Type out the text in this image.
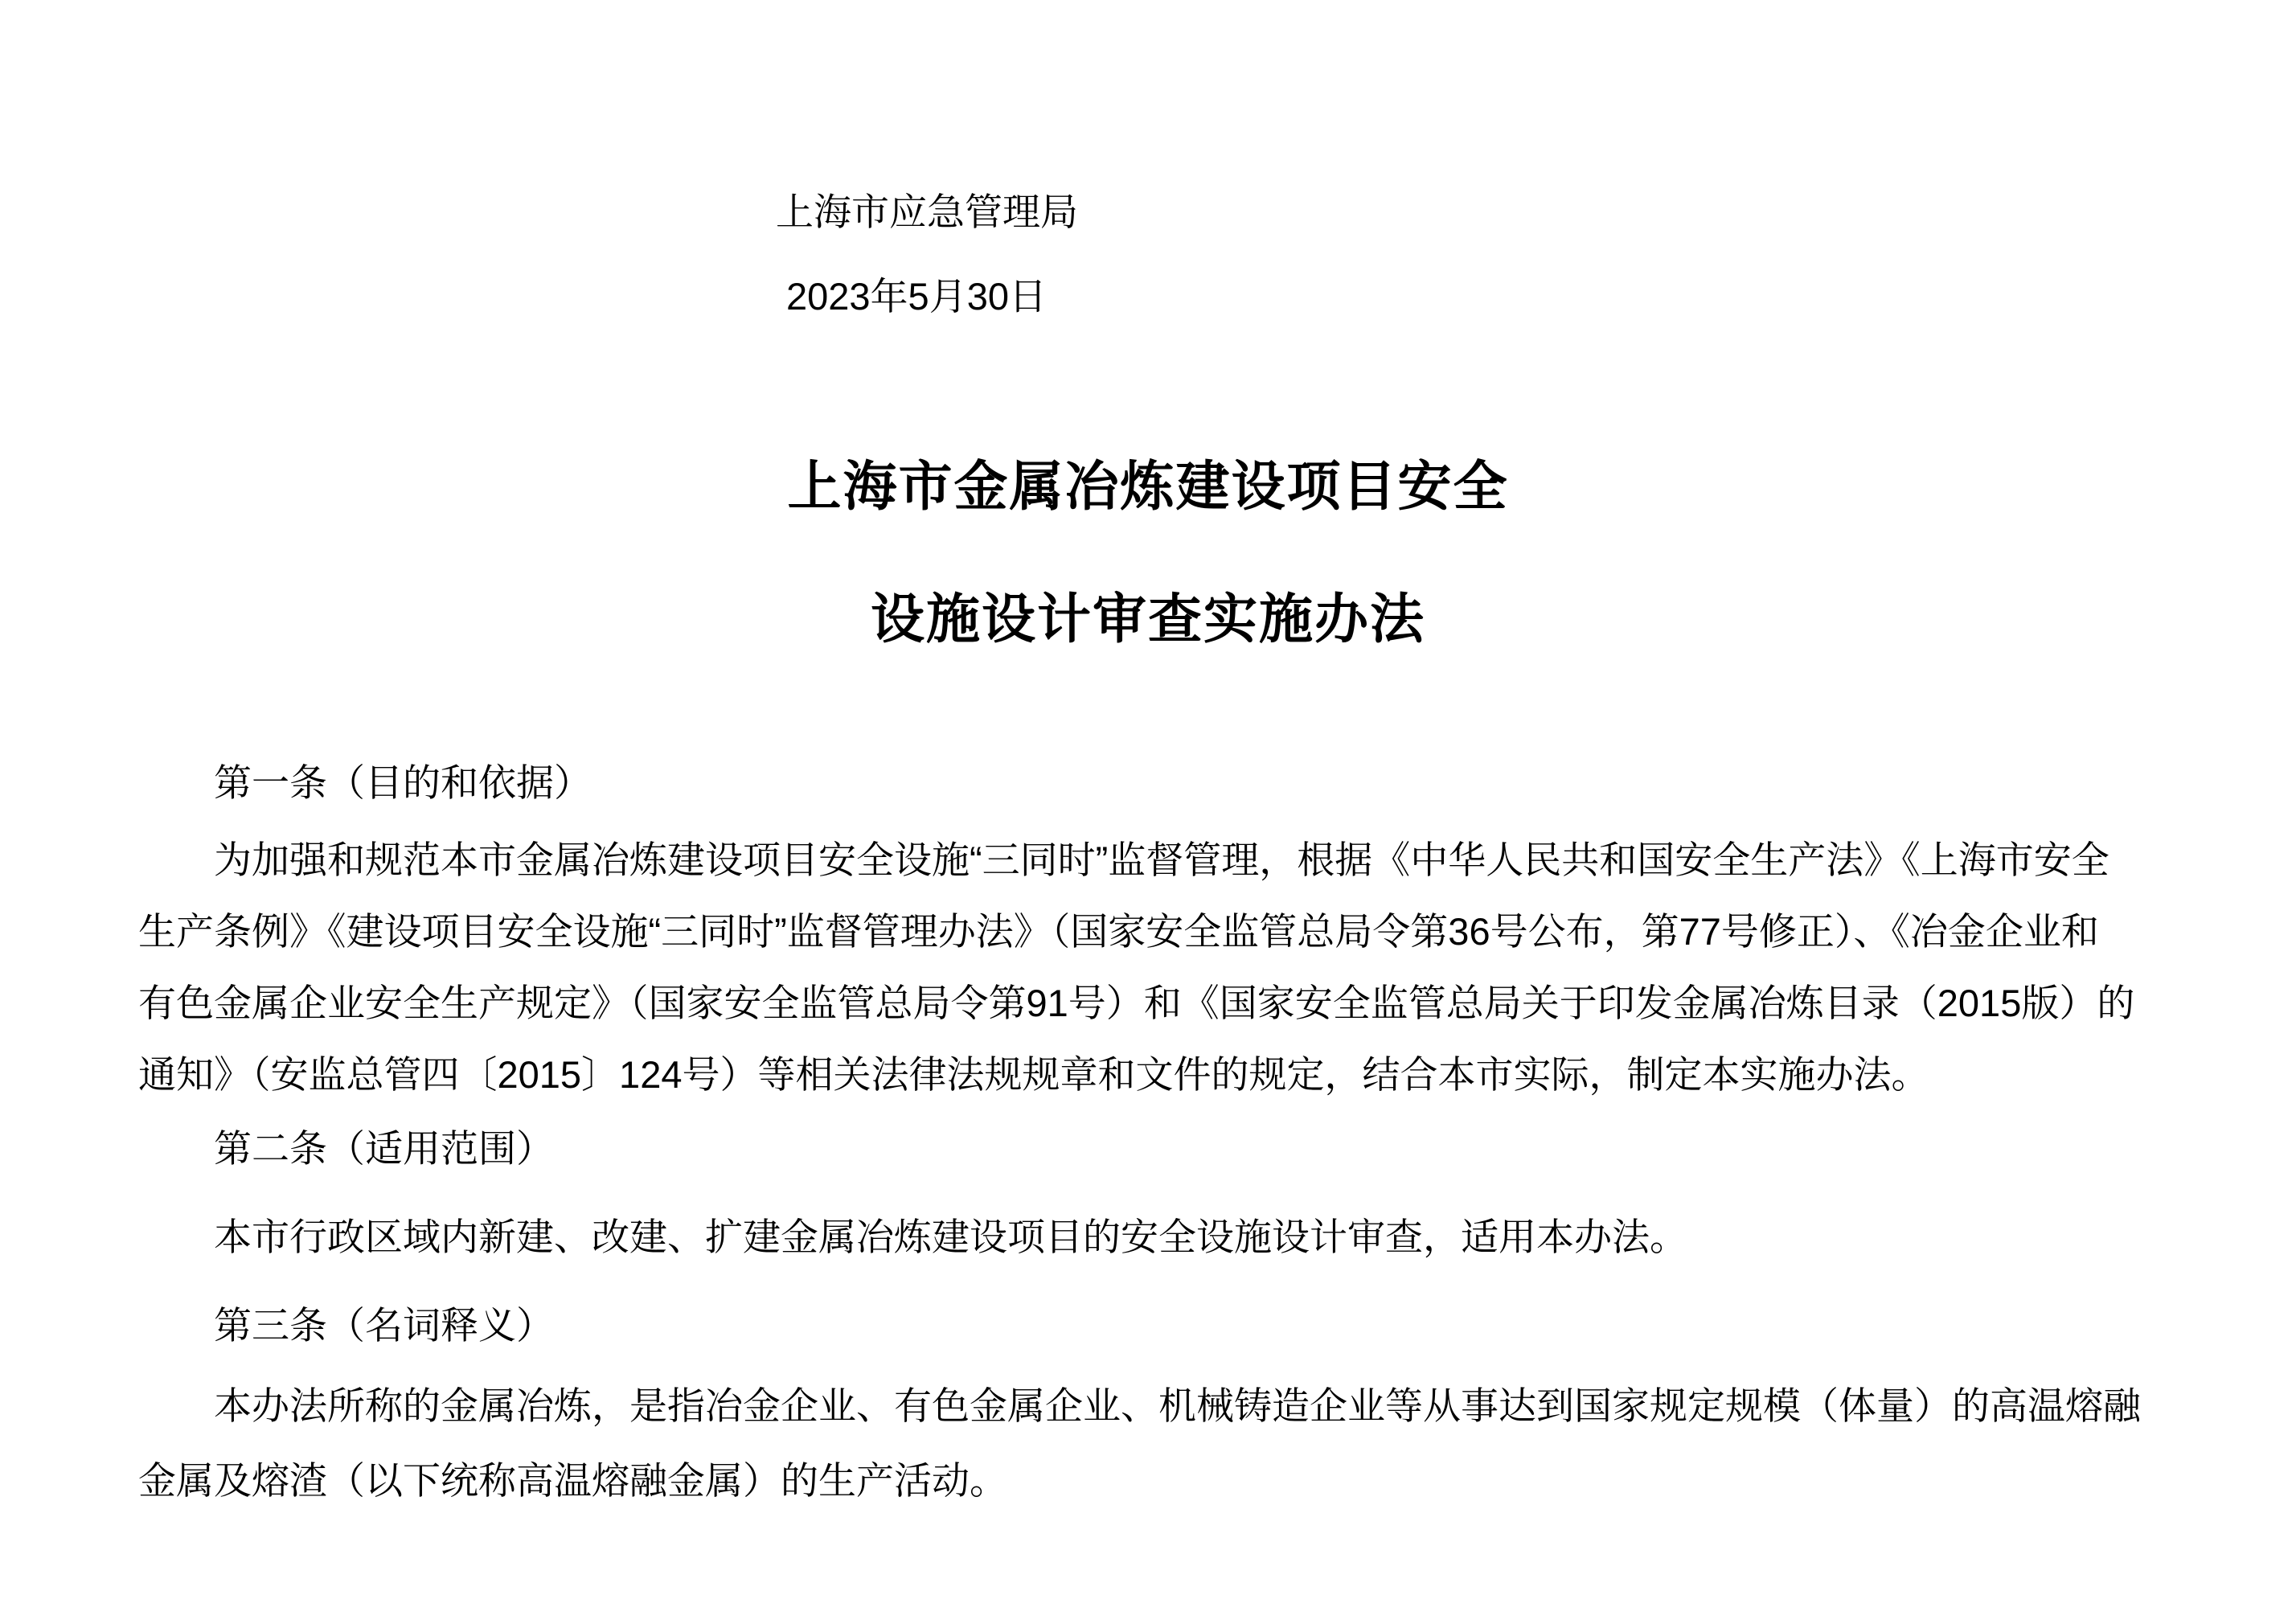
上海市应急管理局
2023年5月30日
上海市金属冶炼建设项目安全
设施设计审查实施办法
第一条（目的和依据）
为加强和规范本市金属冶炼建设项目安全设施“三同时”监督管理，根据《中华人民共和国安全生产法》《上海市安全
生产条例》《建设项目安全设施“三同时”监督管理办法》（国家安全监管总局令第36号公布，第77号修正）、《冶金企业和
有色金属企业安全生产规定》（国家安全监管总局令第91号）和《国家安全监管总局关于印发金属冶炼目录（2015版）的
通知》（安监总管四〔2015〕124号）等相关法律法规规章和文件的规定，结合本市实际，制定本实施办法。
第二条（适用范围）
本市行政区域内新建、改建、扩建金属冶炼建设项目的安全设施设计审查，适用本办法。
第三条（名词释义）
本办法所称的金属冶炼，是指冶金企业、有色金属企业、机械铸造企业等从事达到国家规定规模（体量）的高温熔融
金属及熔渣（以下统称高温熔融金属）的生产活动。
